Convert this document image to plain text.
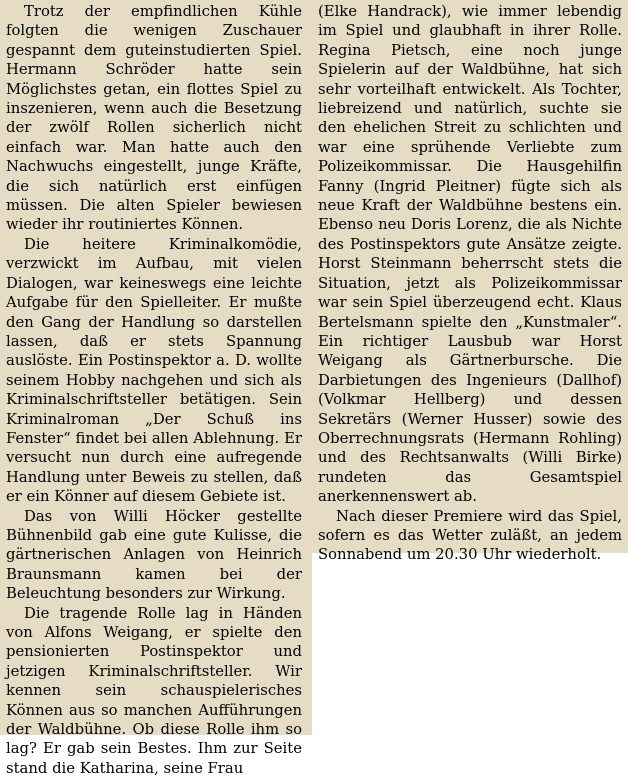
Trotz der empfindlichen Kühle folgten die wenigen Zuschauer gespannt dem guteinstudierten Spiel. Hermann Schröder hatte sein Möglichstes getan, ein flottes Spiel zu inszenieren, wenn auch die Besetzung der zwölf Rollen sicherlich nicht einfach war. Man hatte auch den Nachwuchs eingestellt, junge Kräfte, die sich natürlich erst einfügen müssen. Die alten Spieler bewiesen wieder ihr routiniertes Können.

Die heitere Kriminalkomödie, verzwickt im Aufbau, mit vielen Dialogen, war keineswegs eine leichte Aufgabe für den Spielleiter. Er mußte den Gang der Handlung so darstellen lassen, daß er stets Spannung auslöste. Ein Postinspektor a. D. wollte seinem Hobby nachgehen und sich als Kriminalschriftsteller betätigen. Sein Kriminalroman „Der Schuß ins Fenster“ findet bei allen Ablehnung. Er versucht nun durch eine aufregende Handlung unter Beweis zu stellen, daß er ein Könner auf diesem Gebiete ist.

Das von Willi Höcker gestellte Bühnenbild gab eine gute Kulisse, die gärtnerischen Anlagen von Heinrich Braunsmann kamen bei der Beleuchtung besonders zur Wirkung.

Die tragende Rolle lag in Händen von Alfons Weigang, er spielte den pensionierten Postinspektor und jetzigen Kriminalschriftsteller. Wir kennen sein schauspielerisches Können aus so manchen Aufführungen der Waldbühne. Ob diese Rolle ihm so lag? Er gab sein Bestes. Ihm zur Seite stand die Katharina, seine Frau

(Elke Handrack), wie immer lebendig im Spiel und glaubhaft in ihrer Rolle. Regina Pietsch, eine noch junge Spielerin auf der Waldbühne, hat sich sehr vorteilhaft entwickelt. Als Tochter, liebreizend und natürlich, suchte sie den ehelichen Streit zu schlichten und war eine sprühende Verliebte zum Polizeikommissar. Die Hausgehilfin Fanny (Ingrid Pleitner) fügte sich als neue Kraft der Waldbühne bestens ein. Ebenso neu Doris Lorenz, die als Nichte des Postinspektors gute Ansätze zeigte. Horst Steinmann beherrscht stets die Situation, jetzt als Polizeikommissar war sein Spiel überzeugend echt. Klaus Bertelsmann spielte den „Kunstmaler“. Ein richtiger Lausbub war Horst Weigang als Gärtnerbursche. Die Darbietungen des Ingenieurs (Dallhof) (Volkmar Hellberg) und dessen Sekretärs (Werner Husser) sowie des Oberrechnungsrats (Hermann Rohling) und des Rechtsanwalts (Willi Birke) rundeten das Gesamtspiel anerkennenswert ab.

Nach dieser Premiere wird das Spiel, sofern es das Wetter zuläßt, an jedem Sonnabend um 20.30 Uhr wiederholt.
